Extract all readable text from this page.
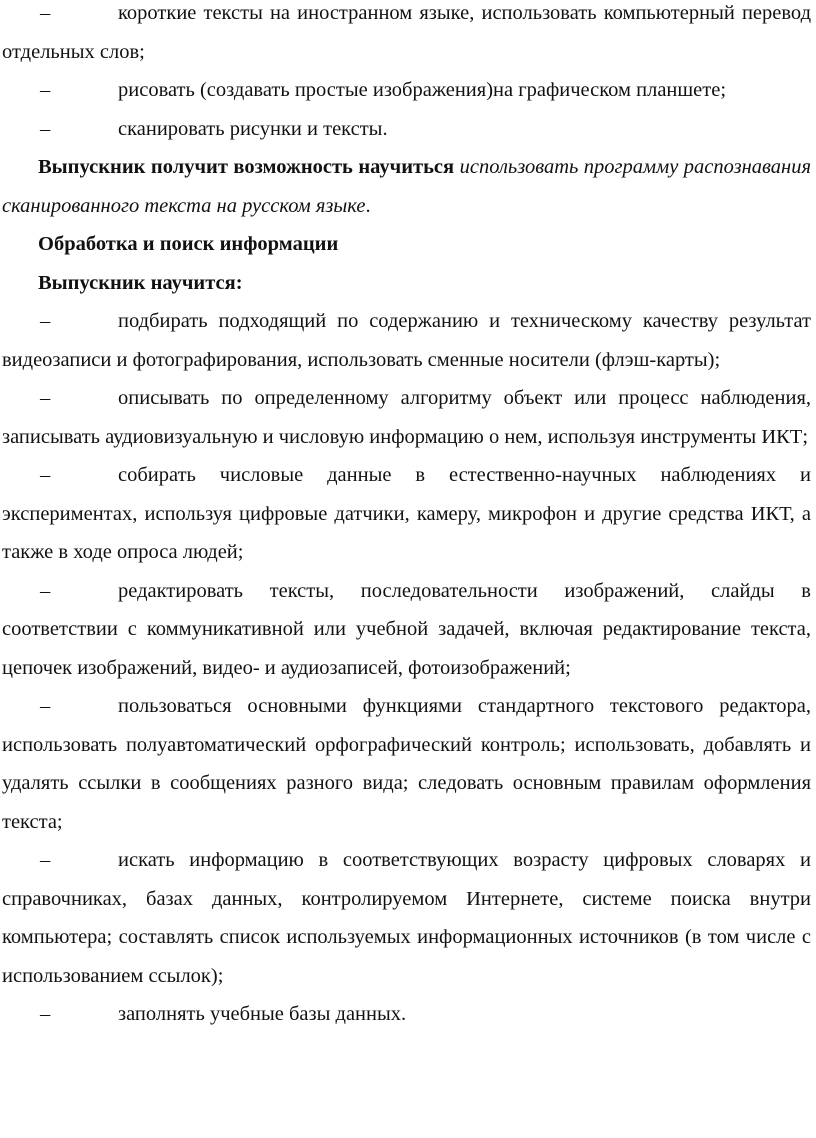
–	короткие тексты на иностранном языке, использовать компьютерный перевод отдельных слов;

–	рисовать (создавать простые изображения)на графическом планшете;

–	сканировать рисунки и тексты.

Выпускник получит возможность научиться использовать программу распознавания сканированного текста на русском языке.

Обработка и поиск информации

Выпускник научится:

–	подбирать подходящий по содержанию и техническому качеству результат видеозаписи и фотографирования, использовать сменные носители (флэш-карты);

–	описывать по определенному алгоритму объект или процесс наблюдения, записывать аудиовизуальную и числовую информацию о нем, используя инструменты ИКТ;

–	собирать числовые данные в естественно-научных наблюдениях и экспериментах, используя цифровые датчики, камеру, микрофон и другие средства ИКТ, а также в ходе опроса людей;

–	редактировать тексты, последовательности изображений, слайды в соответствии с коммуникативной или учебной задачей, включая редактирование текста, цепочек изображений, видео- и аудиозаписей, фотоизображений;

–	пользоваться основными функциями стандартного текстового редактора, использовать полуавтоматический орфографический контроль; использовать, добавлять и удалять ссылки в сообщениях разного вида; следовать основным правилам оформления текста;

–	искать информацию в соответствующих возрасту цифровых словарях и справочниках, базах данных, контролируемом Интернете, системе поиска внутри компьютера; составлять список используемых информационных источников (в том числе с использованием ссылок);

–	заполнять учебные базы данных.
